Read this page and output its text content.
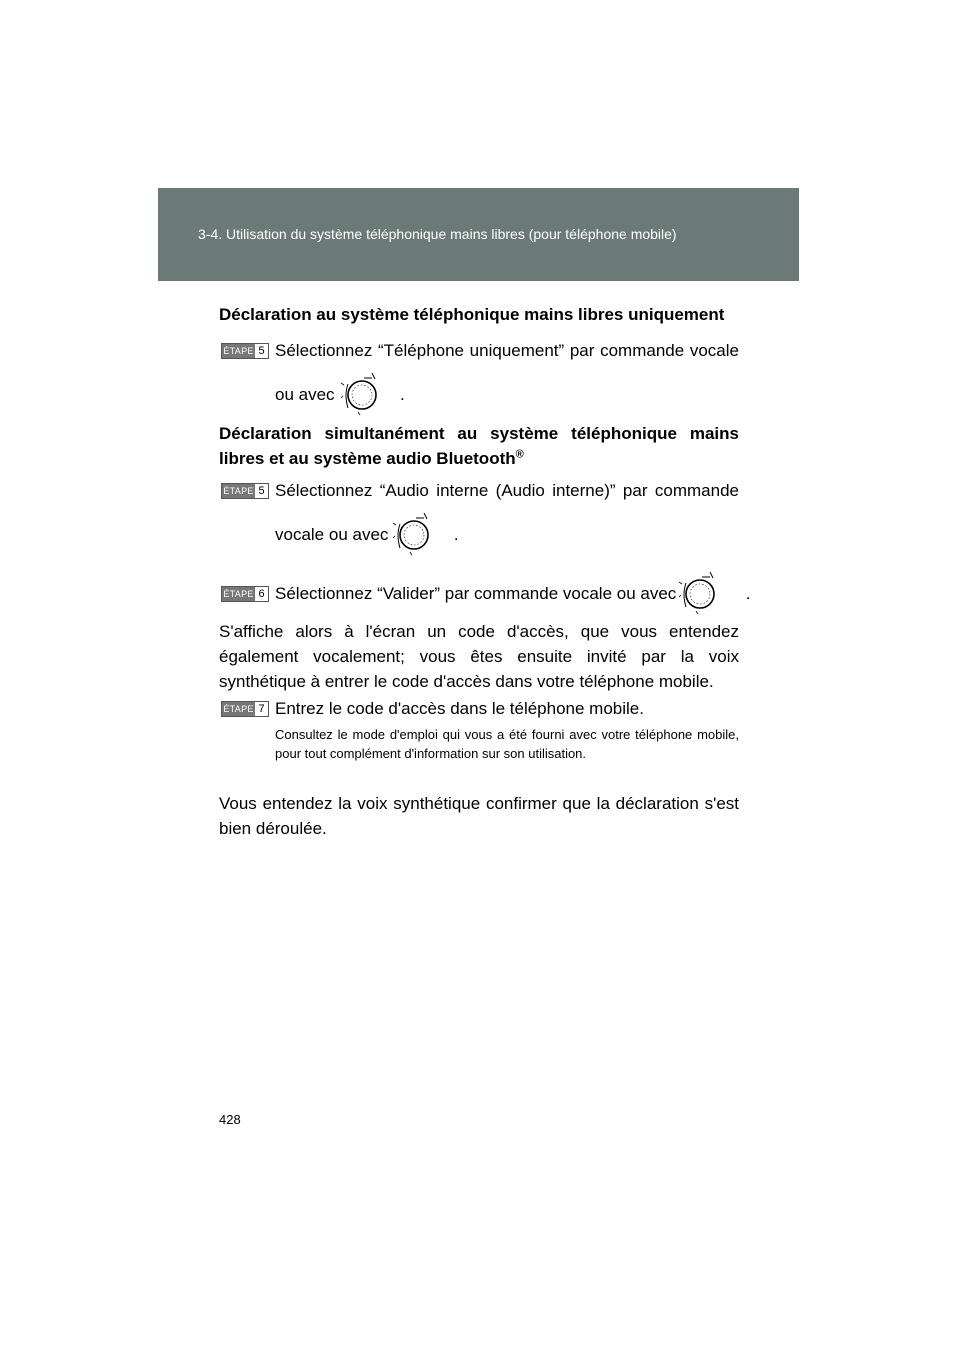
3-4. Utilisation du système téléphonique mains libres (pour téléphone mobile)
Déclaration au système téléphonique mains libres uniquement
ÉTAPE 5 Sélectionnez “Téléphone uniquement” par commande vocale
ou avec	.
Déclaration simultanément au système téléphonique mains libres et au système audio Bluetooth®
ÉTAPE 5 Sélectionnez “Audio interne (Audio interne)” par commande
vocale ou avec	.
ÉTAPE 6 Sélectionnez “Valider” par commande vocale ou avec	.
S'affiche alors à l'écran un code d'accès, que vous entendez également vocalement; vous êtes ensuite invité par la voix synthétique à entrer le code d'accès dans votre téléphone mobile.
ÉTAPE 7 Entrez le code d'accès dans le téléphone mobile.
Consultez le mode d'emploi qui vous a été fourni avec votre téléphone mobile, pour tout complément d'information sur son utilisation.
Vous entendez la voix synthétique confirmer que la déclaration s'est bien déroulée.
428
